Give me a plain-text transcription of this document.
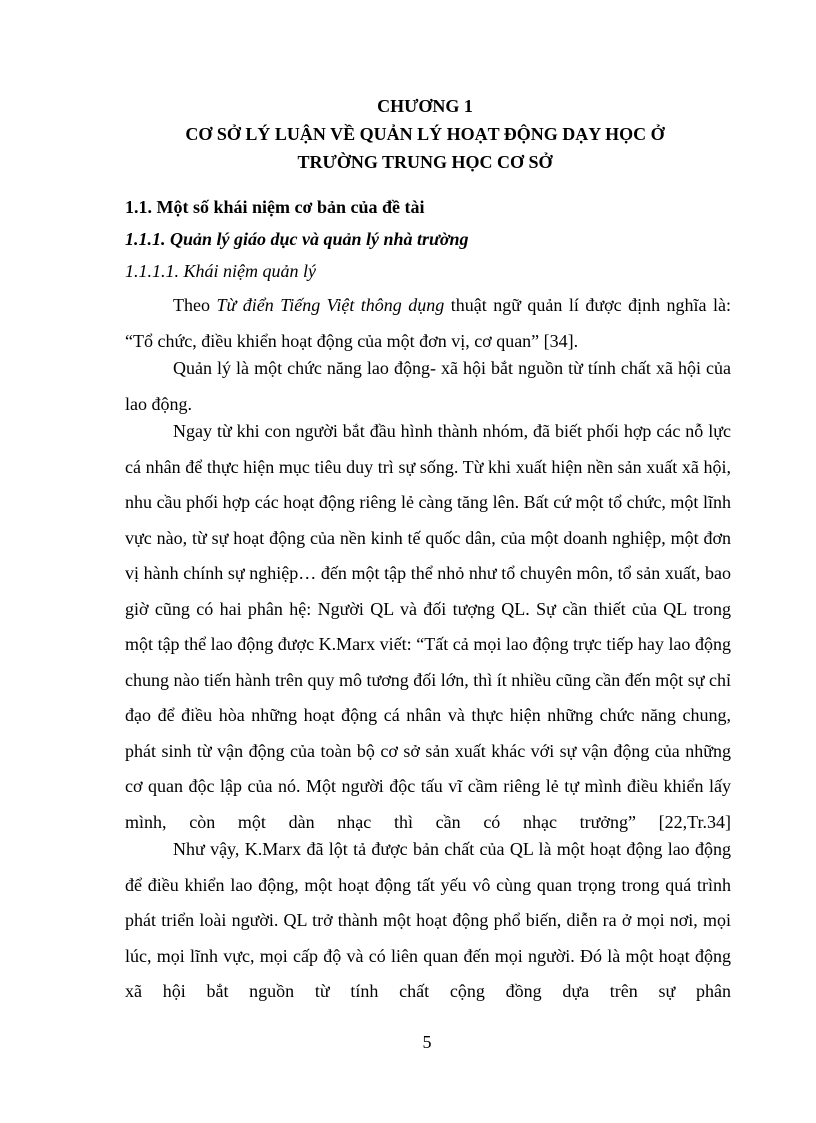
CHƯƠNG 1
CƠ SỞ LÝ LUẬN VỀ QUẢN LÝ HOẠT ĐỘNG DẠY HỌC Ở
TRƯỜNG TRUNG HỌC CƠ SỞ
1.1. Một số khái niệm cơ bản của đề tài
1.1.1. Quản lý giáo dục và quản lý nhà trường
1.1.1.1. Khái niệm quản lý

Theo Từ điển Tiếng Việt thông dụng thuật ngữ quản lí được định nghĩa là: “Tổ chức, điều khiển hoạt động của một đơn vị, cơ quan” [34].

Quản lý là một chức năng lao động- xã hội bắt nguồn từ tính chất xã hội của lao động.

Ngay từ khi con người bắt đầu hình thành nhóm, đã biết phối hợp các nỗ lực cá nhân để thực hiện mục tiêu duy trì sự sống. Từ khi xuất hiện nền sản xuất xã hội, nhu cầu phối hợp các hoạt động riêng lẻ càng tăng lên. Bất cứ một tổ chức, một lĩnh vực nào, từ sự hoạt động của nền kinh tế quốc dân, của một doanh nghiệp, một đơn vị hành chính sự nghiệp… đến một tập thể nhỏ như tổ chuyên môn, tổ sản xuất, bao giờ cũng có hai phân hệ: Người QL và đối tượng QL. Sự cần thiết của QL trong một tập thể lao động được K.Marx viết: “Tất cả mọi lao động trực tiếp hay lao động chung nào tiến hành trên quy mô tương đối lớn, thì ít nhiều cũng cần đến một sự chỉ đạo để điều hòa những hoạt động cá nhân và thực hiện những chức năng chung, phát sinh từ vận động của toàn bộ cơ sở sản xuất khác với sự vận động của những cơ quan độc lập của nó. Một người độc tấu vĩ cầm riêng lẻ tự mình điều khiển lấy mình, còn một dàn nhạc thì cần có nhạc trưởng” [22,Tr.34]

Như vậy, K.Marx đã lột tả được bản chất của QL là một hoạt động lao động để điều khiển lao động, một hoạt động tất yếu vô cùng quan trọng trong quá trình phát triển loài người. QL trở thành một hoạt động phổ biến, diễn ra ở mọi nơi, mọi lúc, mọi lĩnh vực, mọi cấp độ và có liên quan đến mọi người. Đó là một hoạt động xã hội bắt nguồn từ tính chất cộng đồng dựa trên sự phân

5
